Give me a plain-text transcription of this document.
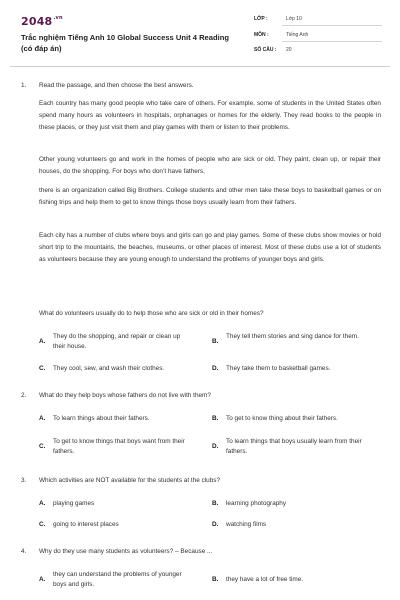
$2048^{.vn}$
Trắc nghiệm Tiếng Anh 10 Global Success Unit 4 Reading (có đáp án)
LỚP :	Lớp 10
MÔN :	Tiếng Anh
SỐ CÂU : 20
1. Read the passage, and then choose the best answers.
Each country has many good people who take care of others. For example, some of students in the United States often spend many hours as volunteers in hospitals, orphanages or homes for the elderly. They read books to the people in these places, or they just visit them and play games with them or listen to their problems.
Other young volunteers go and work in the homes of people who are sick or old. They paint, clean up, or repair their houses, do the shopping. For boys who don’t have fathers,
there is an organization called Big Brothers. College students and other men take these boys to basketball games or on fishing trips and help them to get to know things those boys usually learn from their fathers.
Each city has a number of clubs where boys and girls can go and play games. Some of these clubs show movies or hold short trip to the mountains, the beaches, museums, or other places of interest. Most of these clubs use a lot of students as volunteers because they are young enough to understand the problems of younger boys and girls.
What do volunteers usually do to help those who are sick or old in their homes?
A.
They do the shopping, and repair or clean up their house.
B.
They tell them stories and sing dance for them.
C. They cool, sew, and wash their clothes.	D. They take them to basketball games.
2. What do they help boys whose fathers do not live with them?
A. To learn things about their fathers.	B. To get to know thing about their fathers.
C.
To get to know things that boys want from their fathers.
D.
To learn things that boys usually learn from their fathers.
3. Which activities are NOT available for the students at the clubs?
A. playing games	B. learning photography
C. going to interest places	D. watching films
4. Why do they use many students as volunteers? – Because ...
A.
they can understand the problems of younger boys and girls.
B. they have a lot of free time.
